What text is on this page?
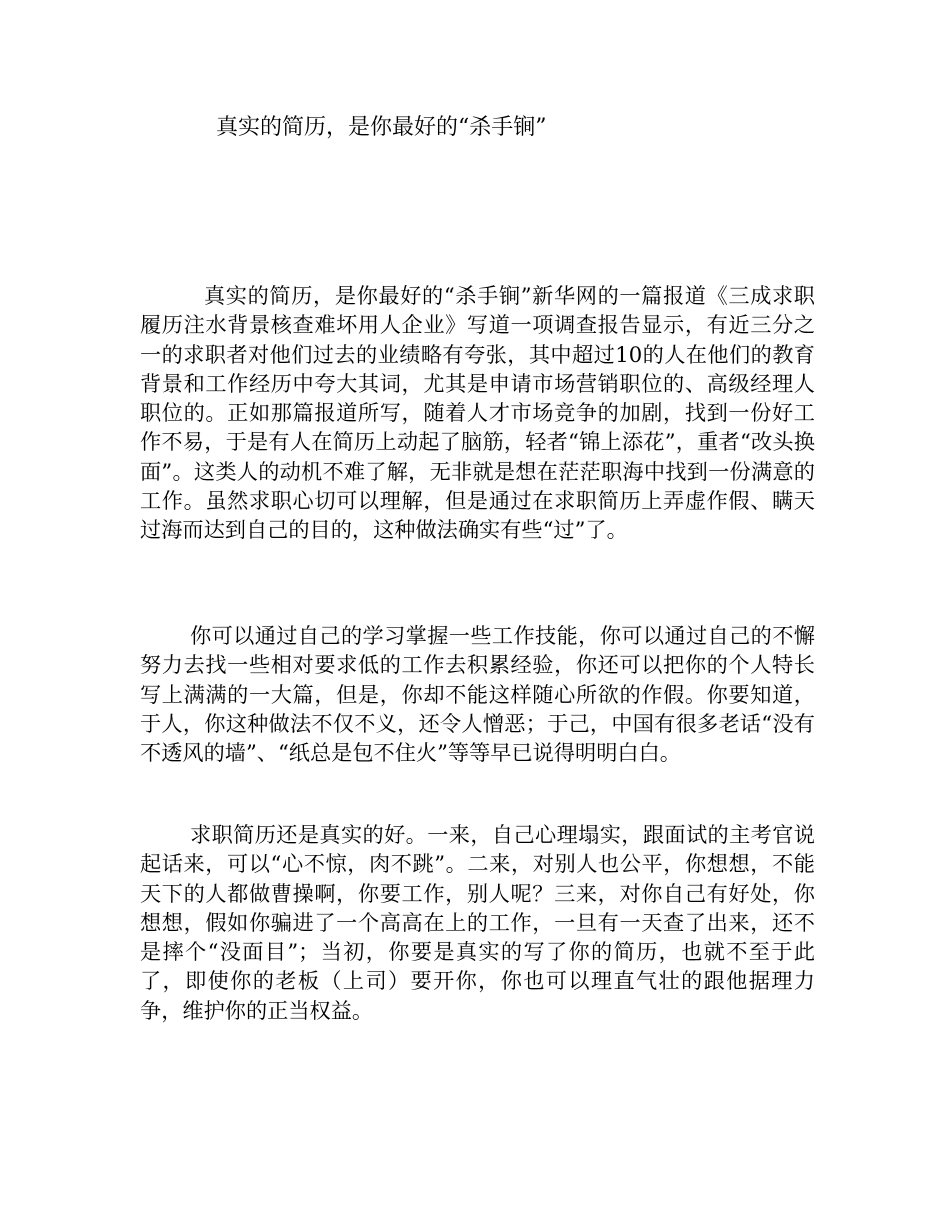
真实的简历，是你最好的“杀手锏”

真实的简历，是你最好的“杀手锏”新华网的一篇报道《三成求职履历注水背景核查难坏用人企业》写道一项调查报告显示，有近三分之一的求职者对他们过去的业绩略有夸张，其中超过10的人在他们的教育背景和工作经历中夸大其词，尤其是申请市场营销职位的、高级经理人职位的。正如那篇报道所写，随着人才市场竞争的加剧，找到一份好工作不易，于是有人在简历上动起了脑筋，轻者“锦上添花”，重者“改头换面”。这类人的动机不难了解，无非就是想在茫茫职海中找到一份满意的工作。虽然求职心切可以理解，但是通过在求职简历上弄虚作假、瞒天过海而达到自己的目的，这种做法确实有些“过”了。

你可以通过自己的学习掌握一些工作技能，你可以通过自己的不懈努力去找一些相对要求低的工作去积累经验，你还可以把你的个人特长写上满满的一大篇，但是，你却不能这样随心所欲的作假。你要知道，于人，你这种做法不仅不义，还令人憎恶；于己，中国有很多老话“没有不透风的墙”、“纸总是包不住火”等等早已说得明明白白。

求职简历还是真实的好。一来，自己心理塌实，跟面试的主考官说起话来，可以“心不惊，肉不跳”。二来，对别人也公平，你想想，不能天下的人都做曹操啊，你要工作，别人呢？三来，对你自己有好处，你想想，假如你骗进了一个高高在上的工作，一旦有一天查了出来，还不是摔个“没面目”；当初，你要是真实的写了你的简历，也就不至于此了，即使你的老板（上司）要开你，你也可以理直气壮的跟他据理力争，维护你的正当权益。
